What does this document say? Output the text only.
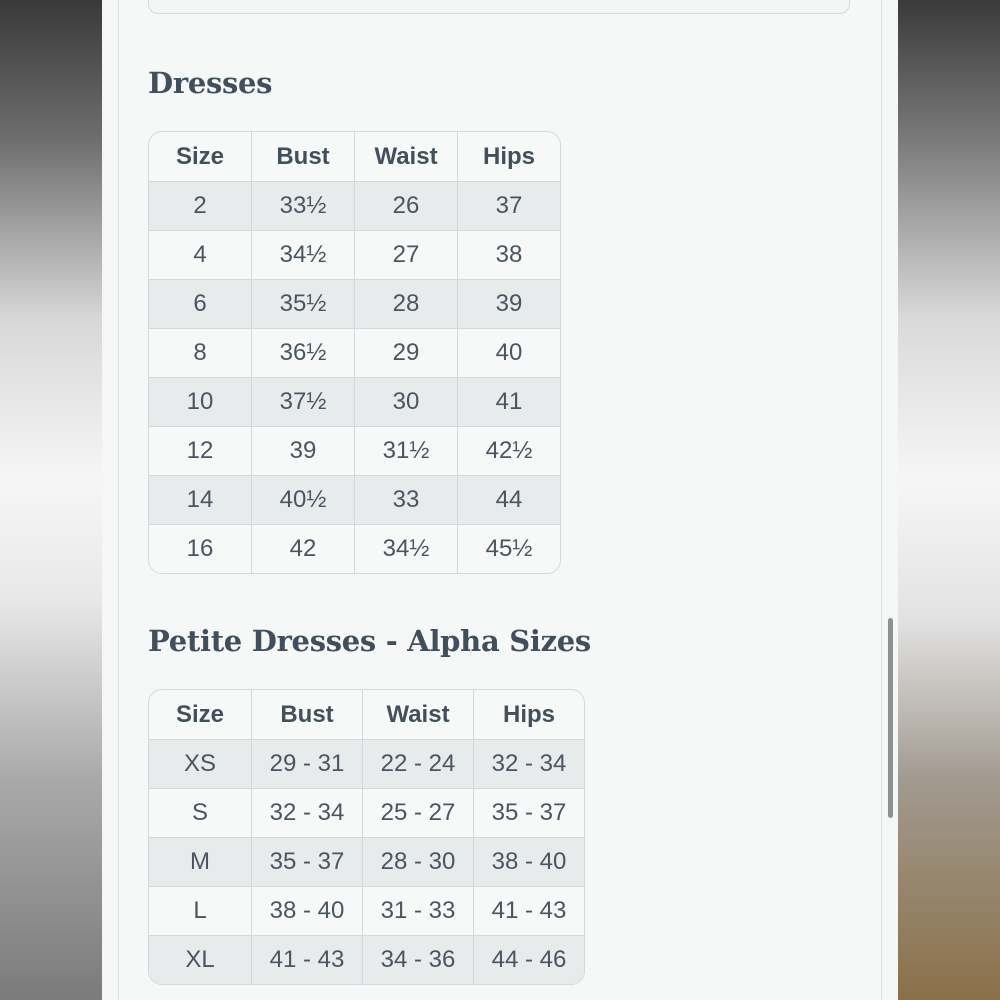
Dresses
Size	Bust	Waist	Hips
2	33½	26	37
4	34½	27	38
6	35½	28	39
8	36½	29	40
10	37½	30	41
12	39	31½	42½
14	40½	33	44
16	42	34½	45½
Petite Dresses - Alpha Sizes
Size	Bust	Waist	Hips
XS	29 - 31	22 - 24	32 - 34
S	32 - 34	25 - 27	35 - 37
M	35 - 37	28 - 30	38 - 40
L	38 - 40	31 - 33	41 - 43
XL	41 - 43	34 - 36	44 - 46
